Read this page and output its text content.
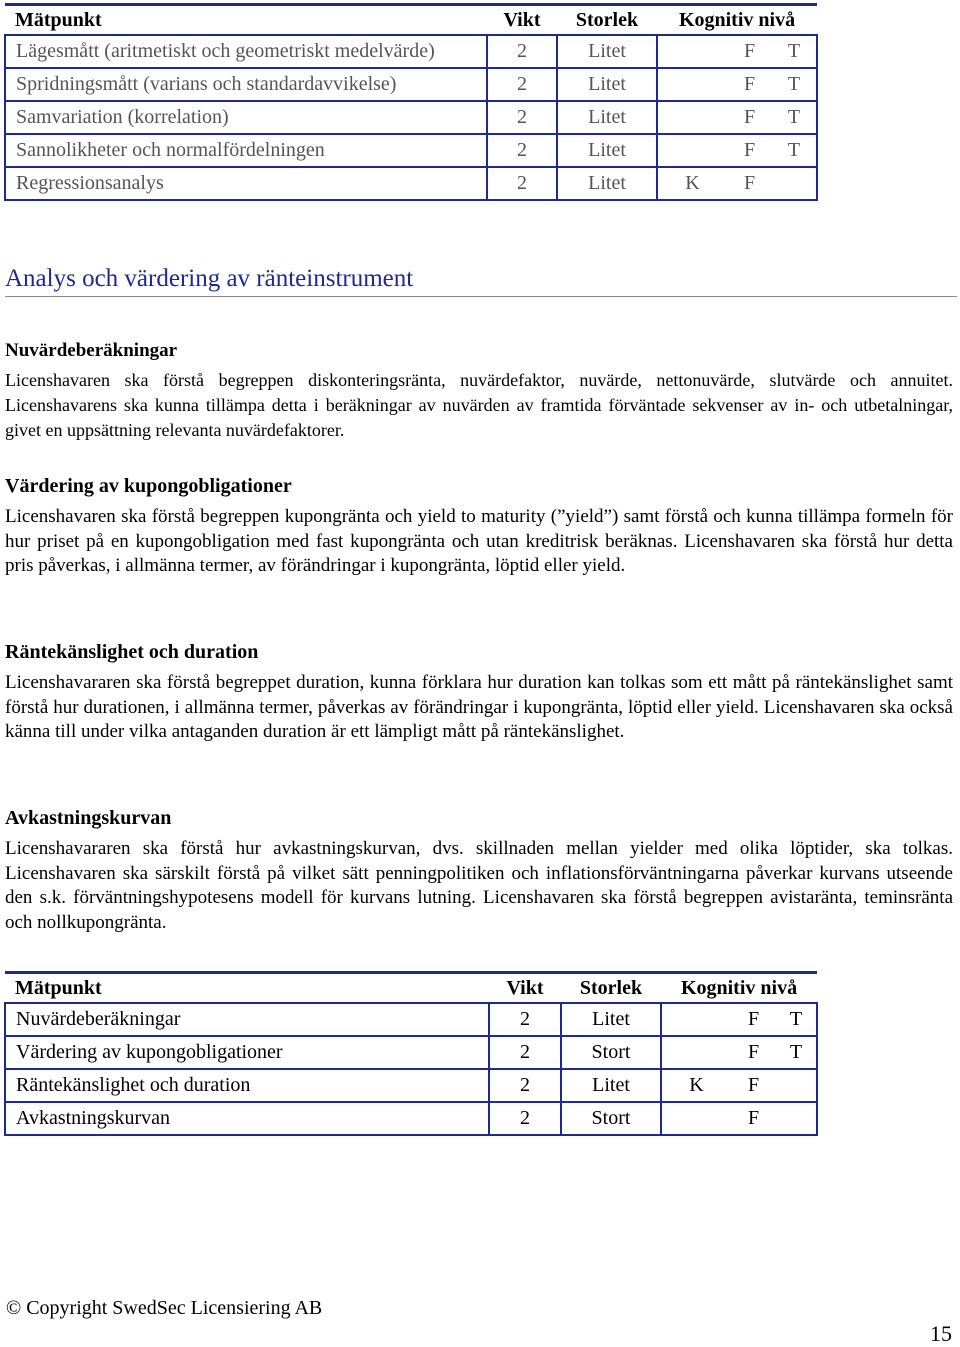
Mätpunkt	Vikt	Storlek	Kognitiv nivå		
Lägesmått (aritmetiskt och geometriskt medelvärde)	2	Litet		F	T
Spridningsmått (varians och standardavvikelse)	2	Litet		F	T
Samvariation (korrelation)	2	Litet		F	T
Sannolikheter och normalfördelningen	2	Litet		F	T
Regressionsanalys	2	Litet	K	F	
Analys och värdering av ränteinstrument
Nuvärdeberäkningar

Licenshavaren ska förstå begreppen diskonteringsränta, nuvärdefaktor, nuvärde, nettonuvärde, slutvärde och annuitet. Licenshavarens ska kunna tillämpa detta i beräkningar av nuvärden av framtida förväntade sekvenser av in- och utbetalningar, givet en uppsättning relevanta nuvärdefaktorer.

Värdering av kupongobligationer

Licenshavaren ska förstå begreppen kupongränta och yield to maturity (”yield”) samt förstå och kunna tillämpa formeln för hur priset på en kupongobligation med fast kupongränta och utan kreditrisk beräknas. Licenshavaren ska förstå hur detta pris påverkas, i allmänna termer, av förändringar i kupongränta, löptid eller yield.

Räntekänslighet och duration

Licenshavararen ska förstå begreppet duration, kunna förklara hur duration kan tolkas som ett mått på räntekänslighet samt förstå hur durationen, i allmänna termer, påverkas av förändringar i kupongränta, löptid eller yield. Licenshavaren ska också känna till under vilka antaganden duration är ett lämpligt mått på räntekänslighet.

Avkastningskurvan

Licenshavararen ska förstå hur avkastningskurvan, dvs. skillnaden mellan yielder med olika löptider, ska tolkas. Licenshavaren ska särskilt förstå på vilket sätt penningpolitiken och inflationsförväntningarna påverkar kurvans utseende den s.k. förväntningshypotesens modell för kurvans lutning. Licenshavaren ska förstå begreppen avistaränta, teminsränta och nollkupongränta.

Mätpunkt	Vikt	Storlek	Kognitiv nivå		
Nuvärdeberäkningar	2	Litet		F	T
Värdering av kupongobligationer	2	Stort		F	T
Räntekänslighet och duration	2	Litet	K	F	
Avkastningskurvan	2	Stort		F	
© Copyright SwedSec Licensiering AB
15
